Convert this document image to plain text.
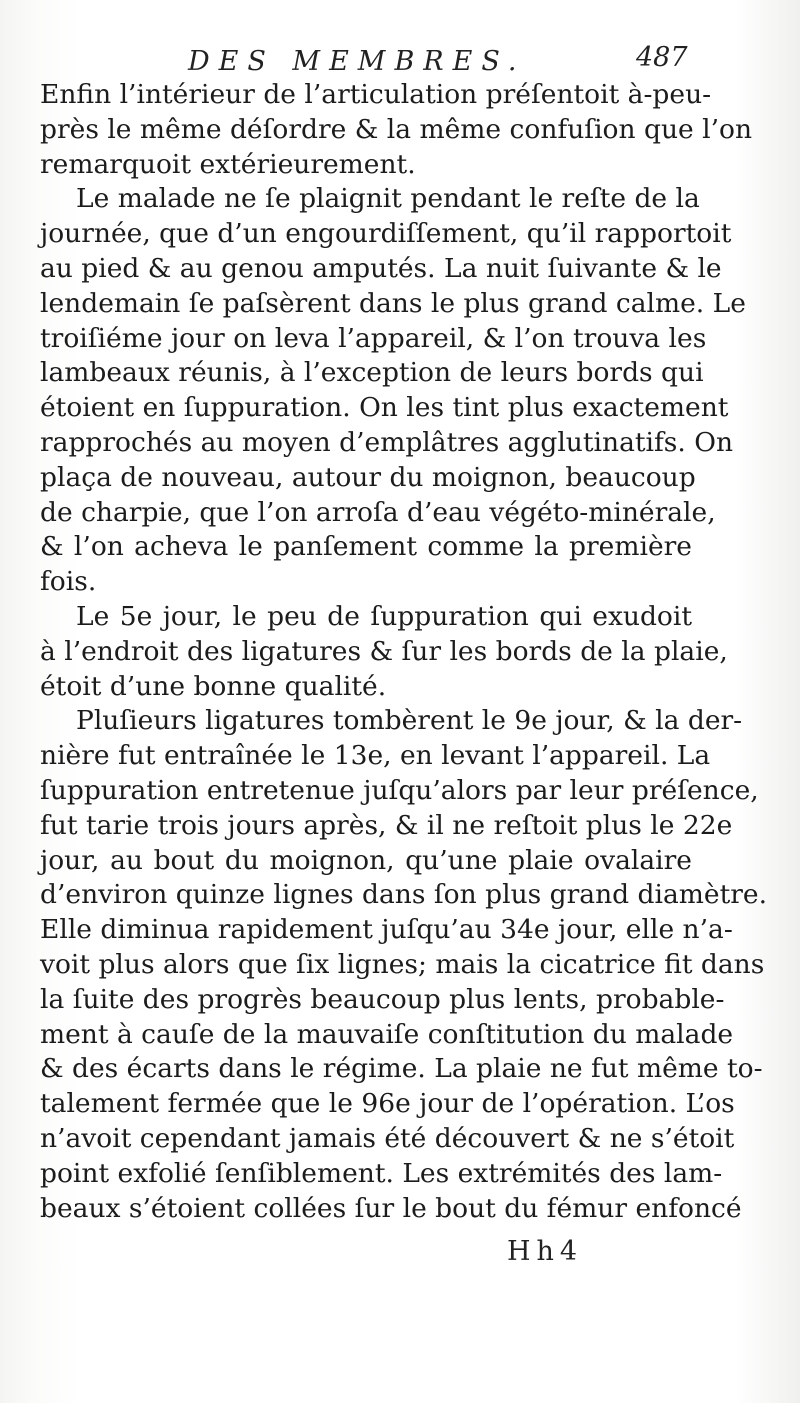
DES MEMBRES.	487
Enfin l’intérieur de l’articulation préſentoit à-peu-
près le même déſordre & la même confuſion que l’on
remarquoit extérieurement.
Le malade ne ſe plaignit pendant le reſte de la
journée, que d’un engourdiſſement, qu’il rapportoit
au pied & au genou amputés. La nuit ſuivante & le
lendemain ſe paſsèrent dans le plus grand calme. Le
troiſiéme jour on leva l’appareil, & l’on trouva les
lambeaux réunis, à l’exception de leurs bords qui
étoient en ſuppuration. On les tint plus exactement
rapprochés au moyen d’emplâtres agglutinatifs. On
plaça de nouveau, autour du moignon, beaucoup
de charpie, que l’on arroſa d’eau végéto-minérale,
& l’on acheva le panſement comme la première
fois.
Le 5e jour, le peu de ſuppuration qui exudoit
à l’endroit des ligatures & ſur les bords de la plaie,
étoit d’une bonne qualité.
Pluſieurs ligatures tombèrent le 9e jour, & la der-
nière fut entraînée le 13e, en levant l’appareil. La
ſuppuration entretenue juſqu’alors par leur préſence,
fut tarie trois jours après, & il ne reſtoit plus le 22e
jour, au bout du moignon, qu’une plaie ovalaire
d’environ quinze lignes dans ſon plus grand diamètre.
Elle diminua rapidement juſqu’au 34e jour, elle n’a-
voit plus alors que ſix lignes; mais la cicatrice fit dans
la ſuite des progrès beaucoup plus lents, probable-
ment à cauſe de la mauvaiſe conſtitution du malade
& des écarts dans le régime. La plaie ne fut même to-
talement fermée que le 96e jour de l’opération. L’os
n’avoit cependant jamais été découvert & ne s’étoit
point exfolié ſenſiblement. Les extrémités des lam-
beaux s’étoient collées ſur le bout du fémur enfoncé
Hh4
